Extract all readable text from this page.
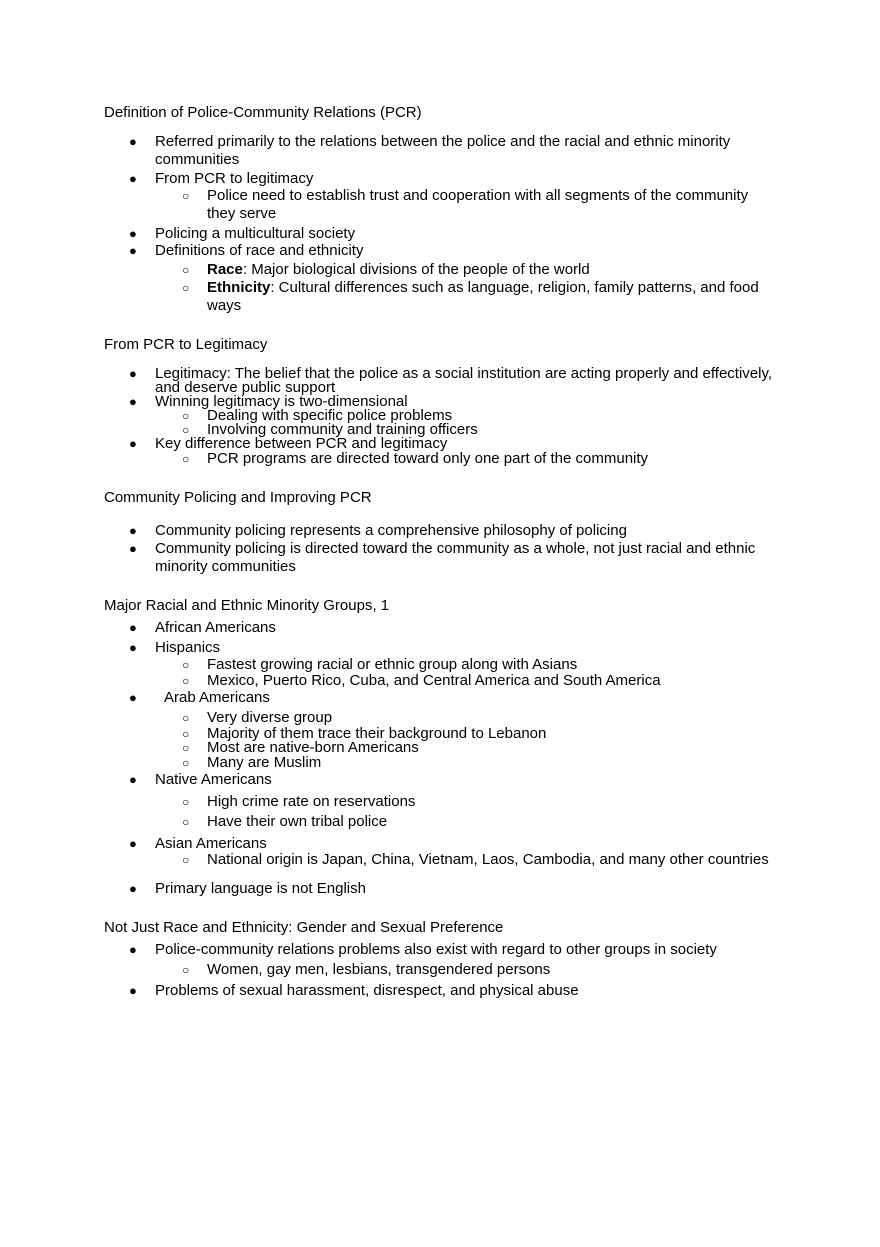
Definition of Police-Community Relations (PCR)
● Referred primarily to the relations between the police and the racial and ethnic minority communities
● From PCR to legitimacy
○ Police need to establish trust and cooperation with all segments of the community they serve
● Policing a multicultural society
● Definitions of race and ethnicity
○ Race: Major biological divisions of the people of the world
○ Ethnicity: Cultural differences such as language, religion, family patterns, and food ways
From PCR to Legitimacy
● Legitimacy: The belief that the police as a social institution are acting properly and effectively, and deserve public support
● Winning legitimacy is two-dimensional
○ Dealing with specific police problems
○ Involving community and training officers
● Key difference between PCR and legitimacy
○ PCR programs are directed toward only one part of the community
Community Policing and Improving PCR
● Community policing represents a comprehensive philosophy of policing
● Community policing is directed toward the community as a whole, not just racial and ethnic minority communities
Major Racial and Ethnic Minority Groups, 1
● African Americans
● Hispanics
○ Fastest growing racial or ethnic group along with Asians
○ Mexico, Puerto Rico, Cuba, and Central America and South America
● Arab Americans
○ Very diverse group
○ Majority of them trace their background to Lebanon
○ Most are native-born Americans
○ Many are Muslim
● Native Americans
○ High crime rate on reservations
○ Have their own tribal police
● Asian Americans
○ National origin is Japan, China, Vietnam, Laos, Cambodia, and many other countries
● Primary language is not English
Not Just Race and Ethnicity: Gender and Sexual Preference
● Police-community relations problems also exist with regard to other groups in society
○ Women, gay men, lesbians, transgendered persons
● Problems of sexual harassment, disrespect, and physical abuse
